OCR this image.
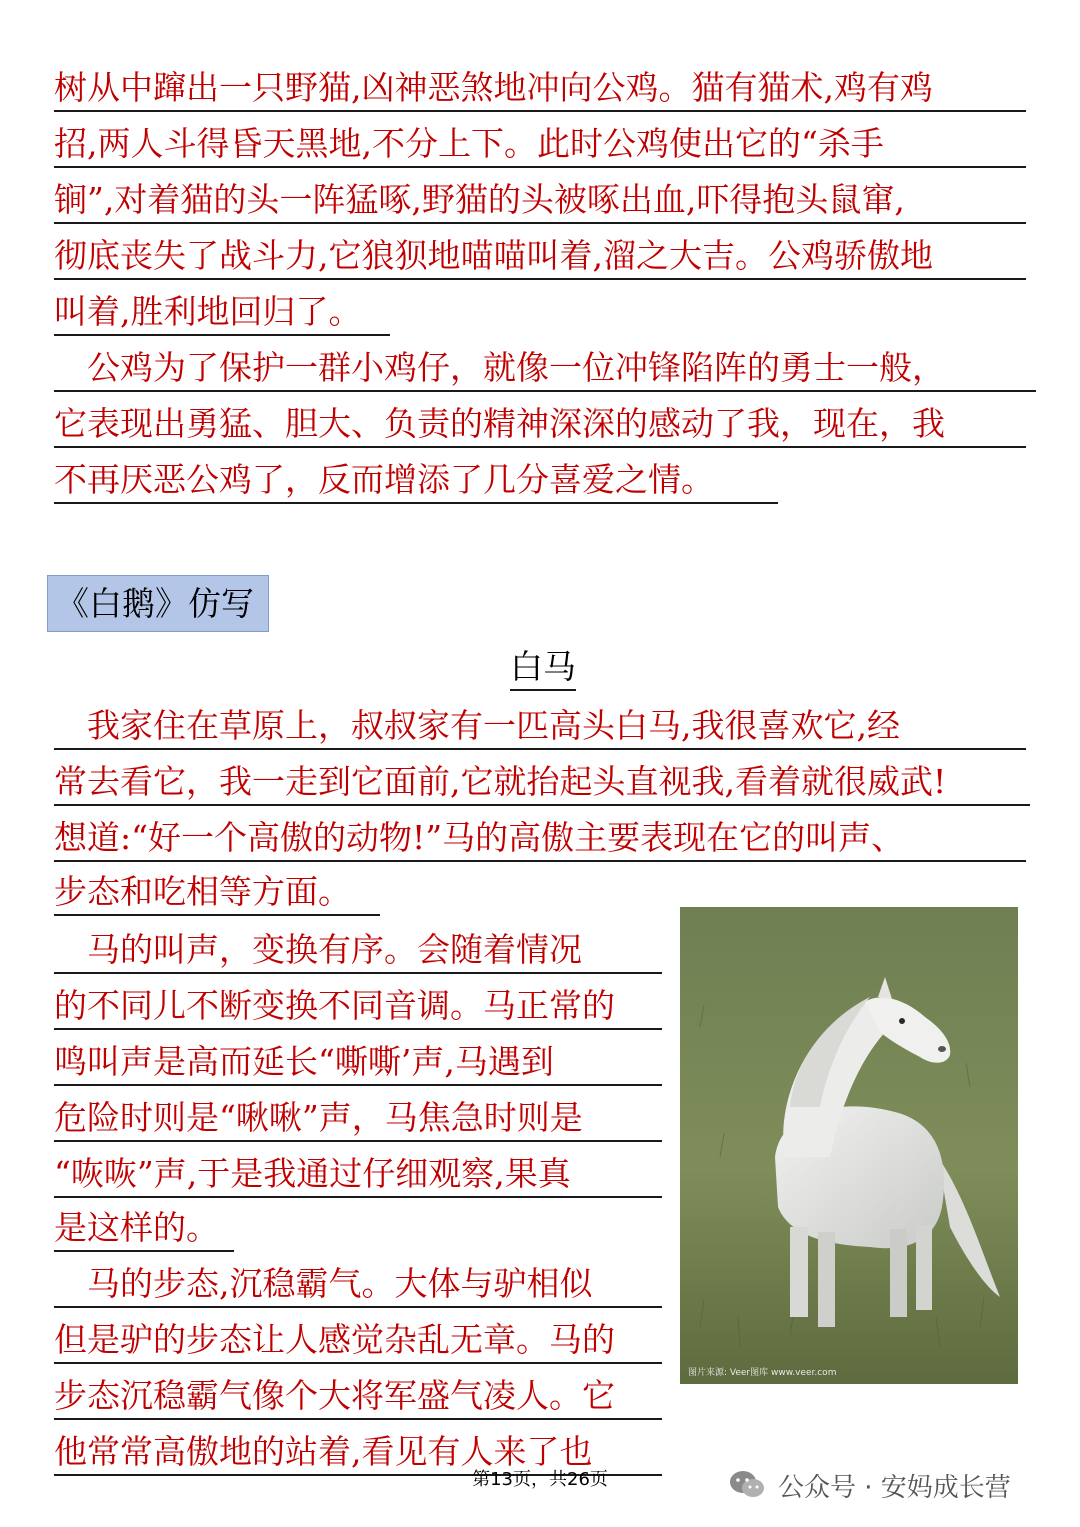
树从中蹿出一只野猫,凶神恶煞地冲向公鸡。猫有猫术,鸡有鸡
招,两人斗得昏天黑地,不分上下。此时公鸡使出它的“杀手
锏”,对着猫的头一阵猛啄,野猫的头被啄出血,吓得抱头鼠窜,
彻底丧失了战斗力,它狼狈地喵喵叫着,溜之大吉。公鸡骄傲地
叫着,胜利地回归了。
　公鸡为了保护一群小鸡仔，就像一位冲锋陷阵的勇士一般，
它表现出勇猛、胆大、负责的精神深深的感动了我，现在，我
不再厌恶公鸡了，反而增添了几分喜爱之情。
《白鹅》仿写
白马
　我家住在草原上，叔叔家有一匹高头白马,我很喜欢它,经
常去看它，我一走到它面前,它就抬起头直视我,看着就很威武!
想道:“好一个高傲的动物!”马的高傲主要表现在它的叫声、
步态和吃相等方面。
　马的叫声，变换有序。会随着情况
的不同儿不断变换不同音调。马正常的
鸣叫声是高而延长“嘶嘶’声,马遇到
危险时则是“啾啾”声，马焦急时则是
“咴咴”声,于是我通过仔细观察,果真
是这样的。
　马的步态,沉稳霸气。大体与驴相似
但是驴的步态让人感觉杂乱无章。马的
步态沉稳霸气像个大将军盛气凌人。它
他常常高傲地的站着,看见有人来了也
图片来源: Veer图库 www.veer.com
第13页，共26页	公众号 · 安妈成长营
